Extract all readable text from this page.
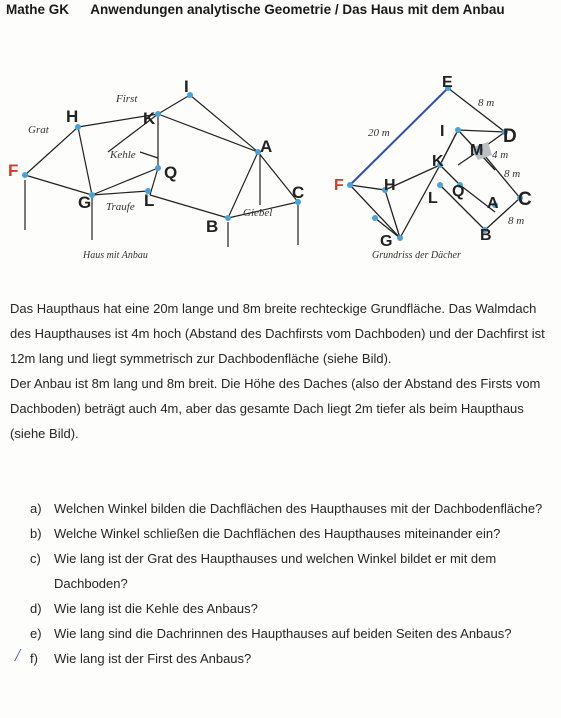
Mathe GK Anwendungen analytische Geometrie / Das Haus mit dem Anbau
F
H
G
I
K
A
Q
L
B
C
First
Grat
Kehle
Traufe	Giebel
Haus mit Anbau
E
I	D
M
K
Q
L
F	H
A C
B
G
20 m
8 m
4 m
8 m
8 m
Grundriss der Dächer

Das Haupthaus hat eine 20m lange und 8m breite rechteckige Grundfläche. Das Walmdach des Haupthauses ist 4m hoch (Abstand des Dachfirsts vom Dachboden) und der Dachfirst ist 12m lang und liegt symmetrisch zur Dachbodenfläche (siehe Bild).

Der Anbau ist 8m lang und 8m breit. Die Höhe des Daches (also der Abstand des Firsts vom Dachboden) beträgt auch 4m, aber das gesamte Dach liegt 2m tiefer als beim Haupthaus (siehe Bild).

a) Welchen Winkel bilden die Dachflächen des Haupthauses mit der Dachbodenfläche?
b) Welche Winkel schließen die Dachflächen des Haupthauses miteinander ein?
c)	Wie lang ist der Grat des Haupthauses und welchen Winkel bildet er mit dem Dachboden?
d) Wie lang ist die Kehle des Anbaus?
e) Wie lang sind die Dachrinnen des Haupthauses auf beiden Seiten des Anbaus?
f)	Wie lang ist der First des Anbaus?
/
